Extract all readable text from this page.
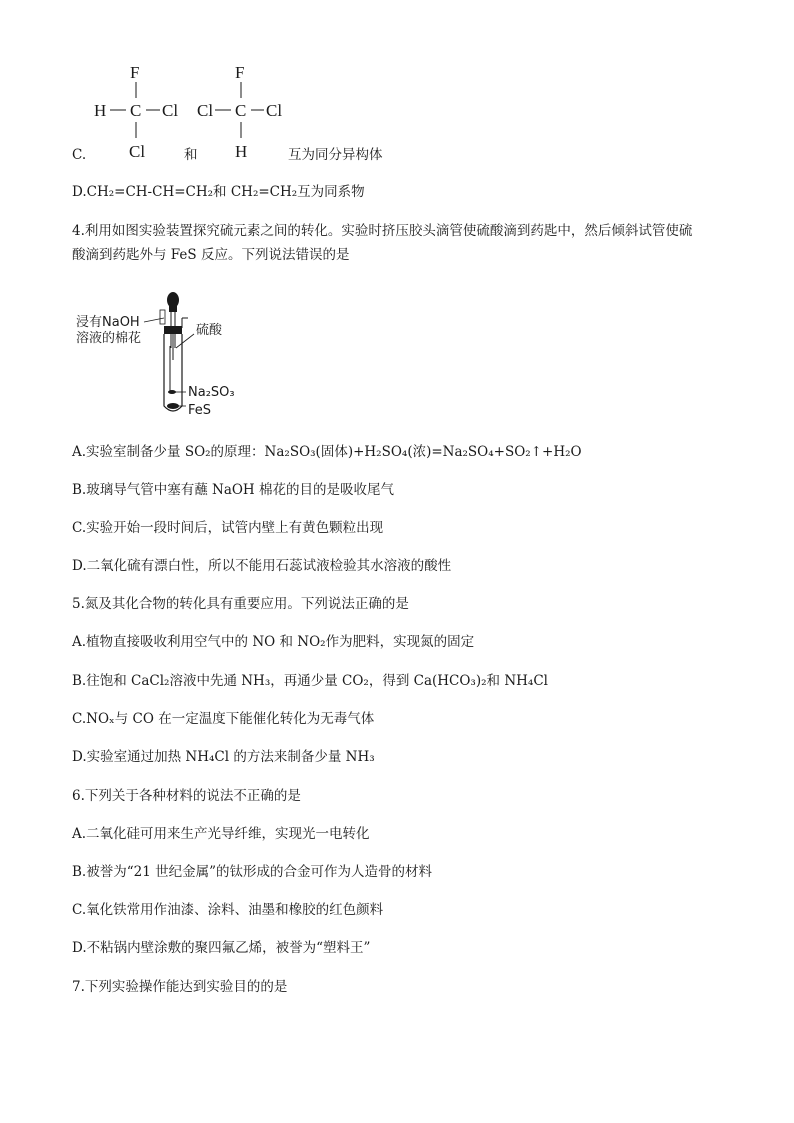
F
H C Cl
Cl
F
Cl C Cl
H
C.	和	互为同分异构体
D.CH₂=CH-CH=CH₂和 CH₂=CH₂互为同系物
4.利用如图实验装置探究硫元素之间的转化。实验时挤压胶头滴管使硫酸滴到药匙中，然后倾斜试管使硫
酸滴到药匙外与 FeS 反应。下列说法错误的是
浸有NaOH
溶液的棉花
硫酸
Na₂SO₃
FeS
A.实验室制备少量 SO₂的原理：Na₂SO₃(固体)+H₂SO₄(浓)=Na₂SO₄+SO₂↑+H₂O
B.玻璃导气管中塞有蘸 NaOH 棉花的目的是吸收尾气
C.实验开始一段时间后，试管内壁上有黄色颗粒出现
D.二氧化硫有漂白性，所以不能用石蕊试液检验其水溶液的酸性
5.氮及其化合物的转化具有重要应用。下列说法正确的是
A.植物直接吸收利用空气中的 NO 和 NO₂作为肥料，实现氮的固定
B.往饱和 CaCl₂溶液中先通 NH₃，再通少量 CO₂，得到 Ca(HCO₃)₂和 NH₄Cl
C.NOₓ与 CO 在一定温度下能催化转化为无毒气体
D.实验室通过加热 NH₄Cl 的方法来制备少量 NH₃
6.下列关于各种材料的说法不正确的是
A.二氧化硅可用来生产光导纤维，实现光一电转化
B.被誉为“21 世纪金属”的钛形成的合金可作为人造骨的材料
C.氧化铁常用作油漆、涂料、油墨和橡胶的红色颜料
D.不粘锅内壁涂敷的聚四氟乙烯，被誉为“塑料王”
7.下列实验操作能达到实验目的的是
